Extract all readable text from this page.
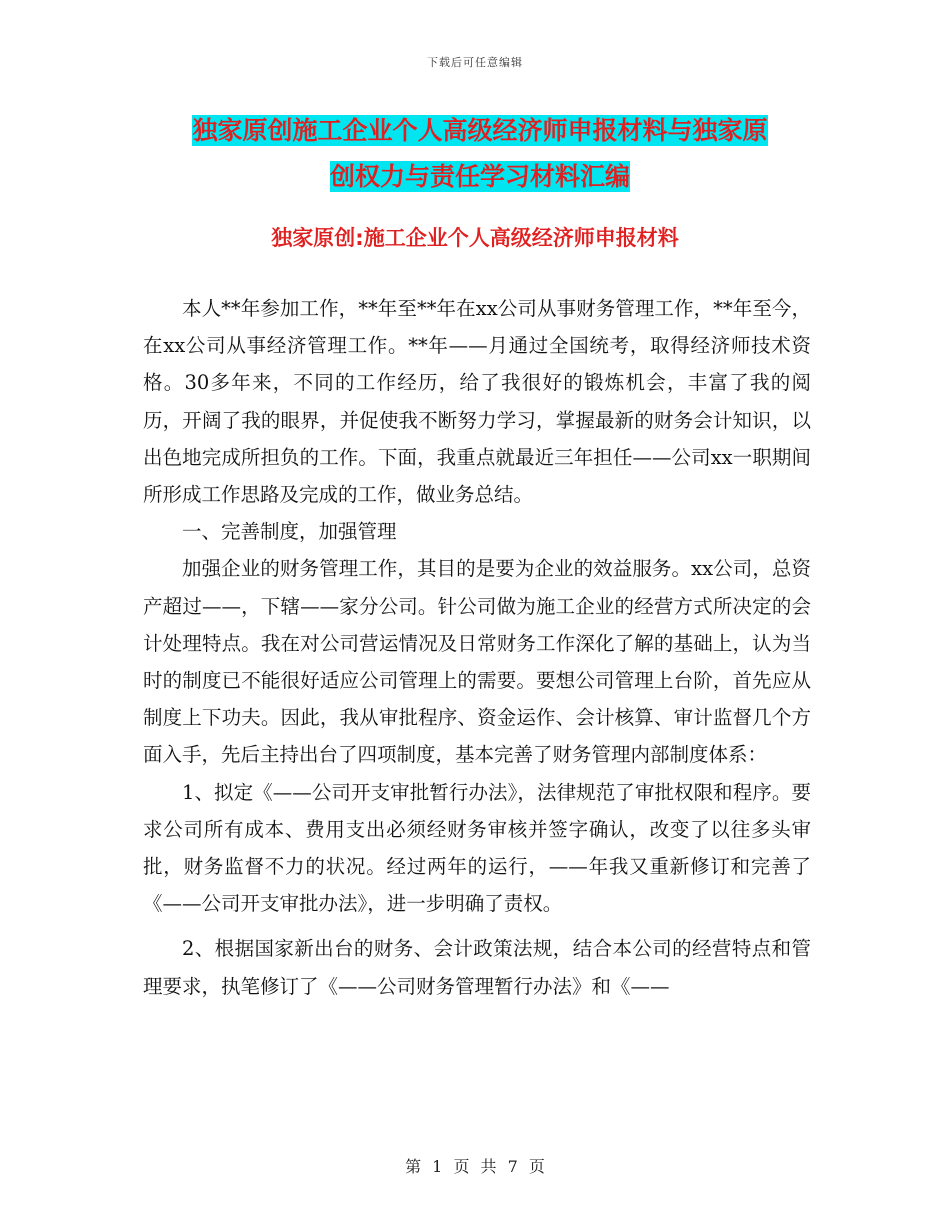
下载后可任意编辑
独家原创施工企业个人高级经济师申报材料与独家原
创权力与责任学习材料汇编
独家原创:施工企业个人高级经济师申报材料

本人**年参加工作，**年至**年在xx公司从事财务管理工作，**年至今，在xx公司从事经济管理工作。**年——月通过全国统考，取得经济师技术资格。30多年来，不同的工作经历，给了我很好的锻炼机会，丰富了我的阅历，开阔了我的眼界，并促使我不断努力学习，掌握最新的财务会计知识，以出色地完成所担负的工作。下面，我重点就最近三年担任——公司xx一职期间所形成工作思路及完成的工作，做业务总结。

一、完善制度，加强管理

加强企业的财务管理工作，其目的是要为企业的效益服务。xx公司，总资产超过——，下辖——家分公司。针公司做为施工企业的经营方式所决定的会计处理特点。我在对公司营运情况及日常财务工作深化了解的基础上，认为当时的制度已不能很好适应公司管理上的需要。要想公司管理上台阶，首先应从制度上下功夫。因此，我从审批程序、资金运作、会计核算、审计监督几个方面入手，先后主持出台了四项制度，基本完善了财务管理内部制度体系：

1、拟定《——公司开支审批暂行办法》，法律规范了审批权限和程序。要求公司所有成本、费用支出必须经财务审核并签字确认，改变了以往多头审批，财务监督不力的状况。经过两年的运行，——年我又重新修订和完善了《——公司开支审批办法》，进一步明确了责权。

2、根据国家新出台的财务、会计政策法规，结合本公司的经营特点和管理要求，执笔修订了《——公司财务管理暂行办法》和《——

第 1 页 共 7 页
